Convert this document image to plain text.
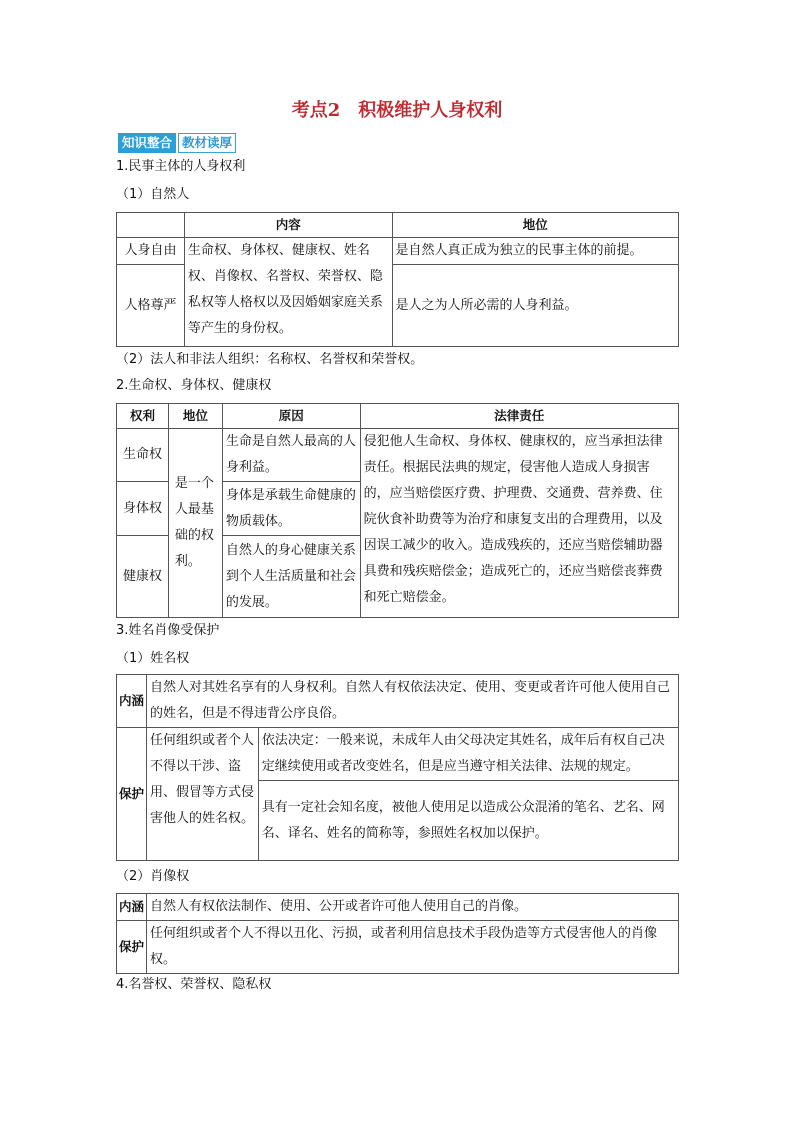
考点2　积极维护人身权利
知识整合 教材读厚
1.民事主体的人身权利
（1）自然人
	内容	地位
人身自由	生命权、身体权、健康权、姓名权、肖像权、名誉权、荣誉权、隐私权等人格权以及因婚姻家庭关系等产生的身份权。	是自然人真正成为独立的民事主体的前提。
人格尊严		是人之为人所必需的人身利益。
（2）法人和非法人组织：名称权、名誉权和荣誉权。
2.生命权、身体权、健康权
权利	地位	原因	法律责任
生命权	是一个人最基础的权利。	生命是自然人最高的人身利益。	侵犯他人生命权、身体权、健康权的，应当承担法律责任。根据民法典的规定，侵害他人造成人身损害的，应当赔偿医疗费、护理费、交通费、营养费、住院伙食补助费等为治疗和康复支出的合理费用，以及因误工减少的收入。造成残疾的，还应当赔偿辅助器具费和残疾赔偿金；造成死亡的，还应当赔偿丧葬费和死亡赔偿金。
身体权		身体是承载生命健康的物质载体。	
健康权		自然人的身心健康关系到个人生活质量和社会的发展。	
3.姓名肖像受保护
（1）姓名权
内涵	自然人对其姓名享有的人身权利。自然人有权依法决定、使用、变更或者许可他人使用自己的姓名，但是不得违背公序良俗。	
保护	任何组织或者个人不得以干涉、盗用、假冒等方式侵害他人的姓名权。	依法决定：一般来说，未成年人由父母决定其姓名，成年后有权自己决定继续使用或者改变姓名，但是应当遵守相关法律、法规的规定。
		具有一定社会知名度，被他人使用足以造成公众混淆的笔名、艺名、网名、译名、姓名的简称等，参照姓名权加以保护。
（2）肖像权
内涵	自然人有权依法制作、使用、公开或者许可他人使用自己的肖像。
保护	任何组织或者个人不得以丑化、污损，或者利用信息技术手段伪造等方式侵害他人的肖像权。
4.名誉权、荣誉权、隐私权
